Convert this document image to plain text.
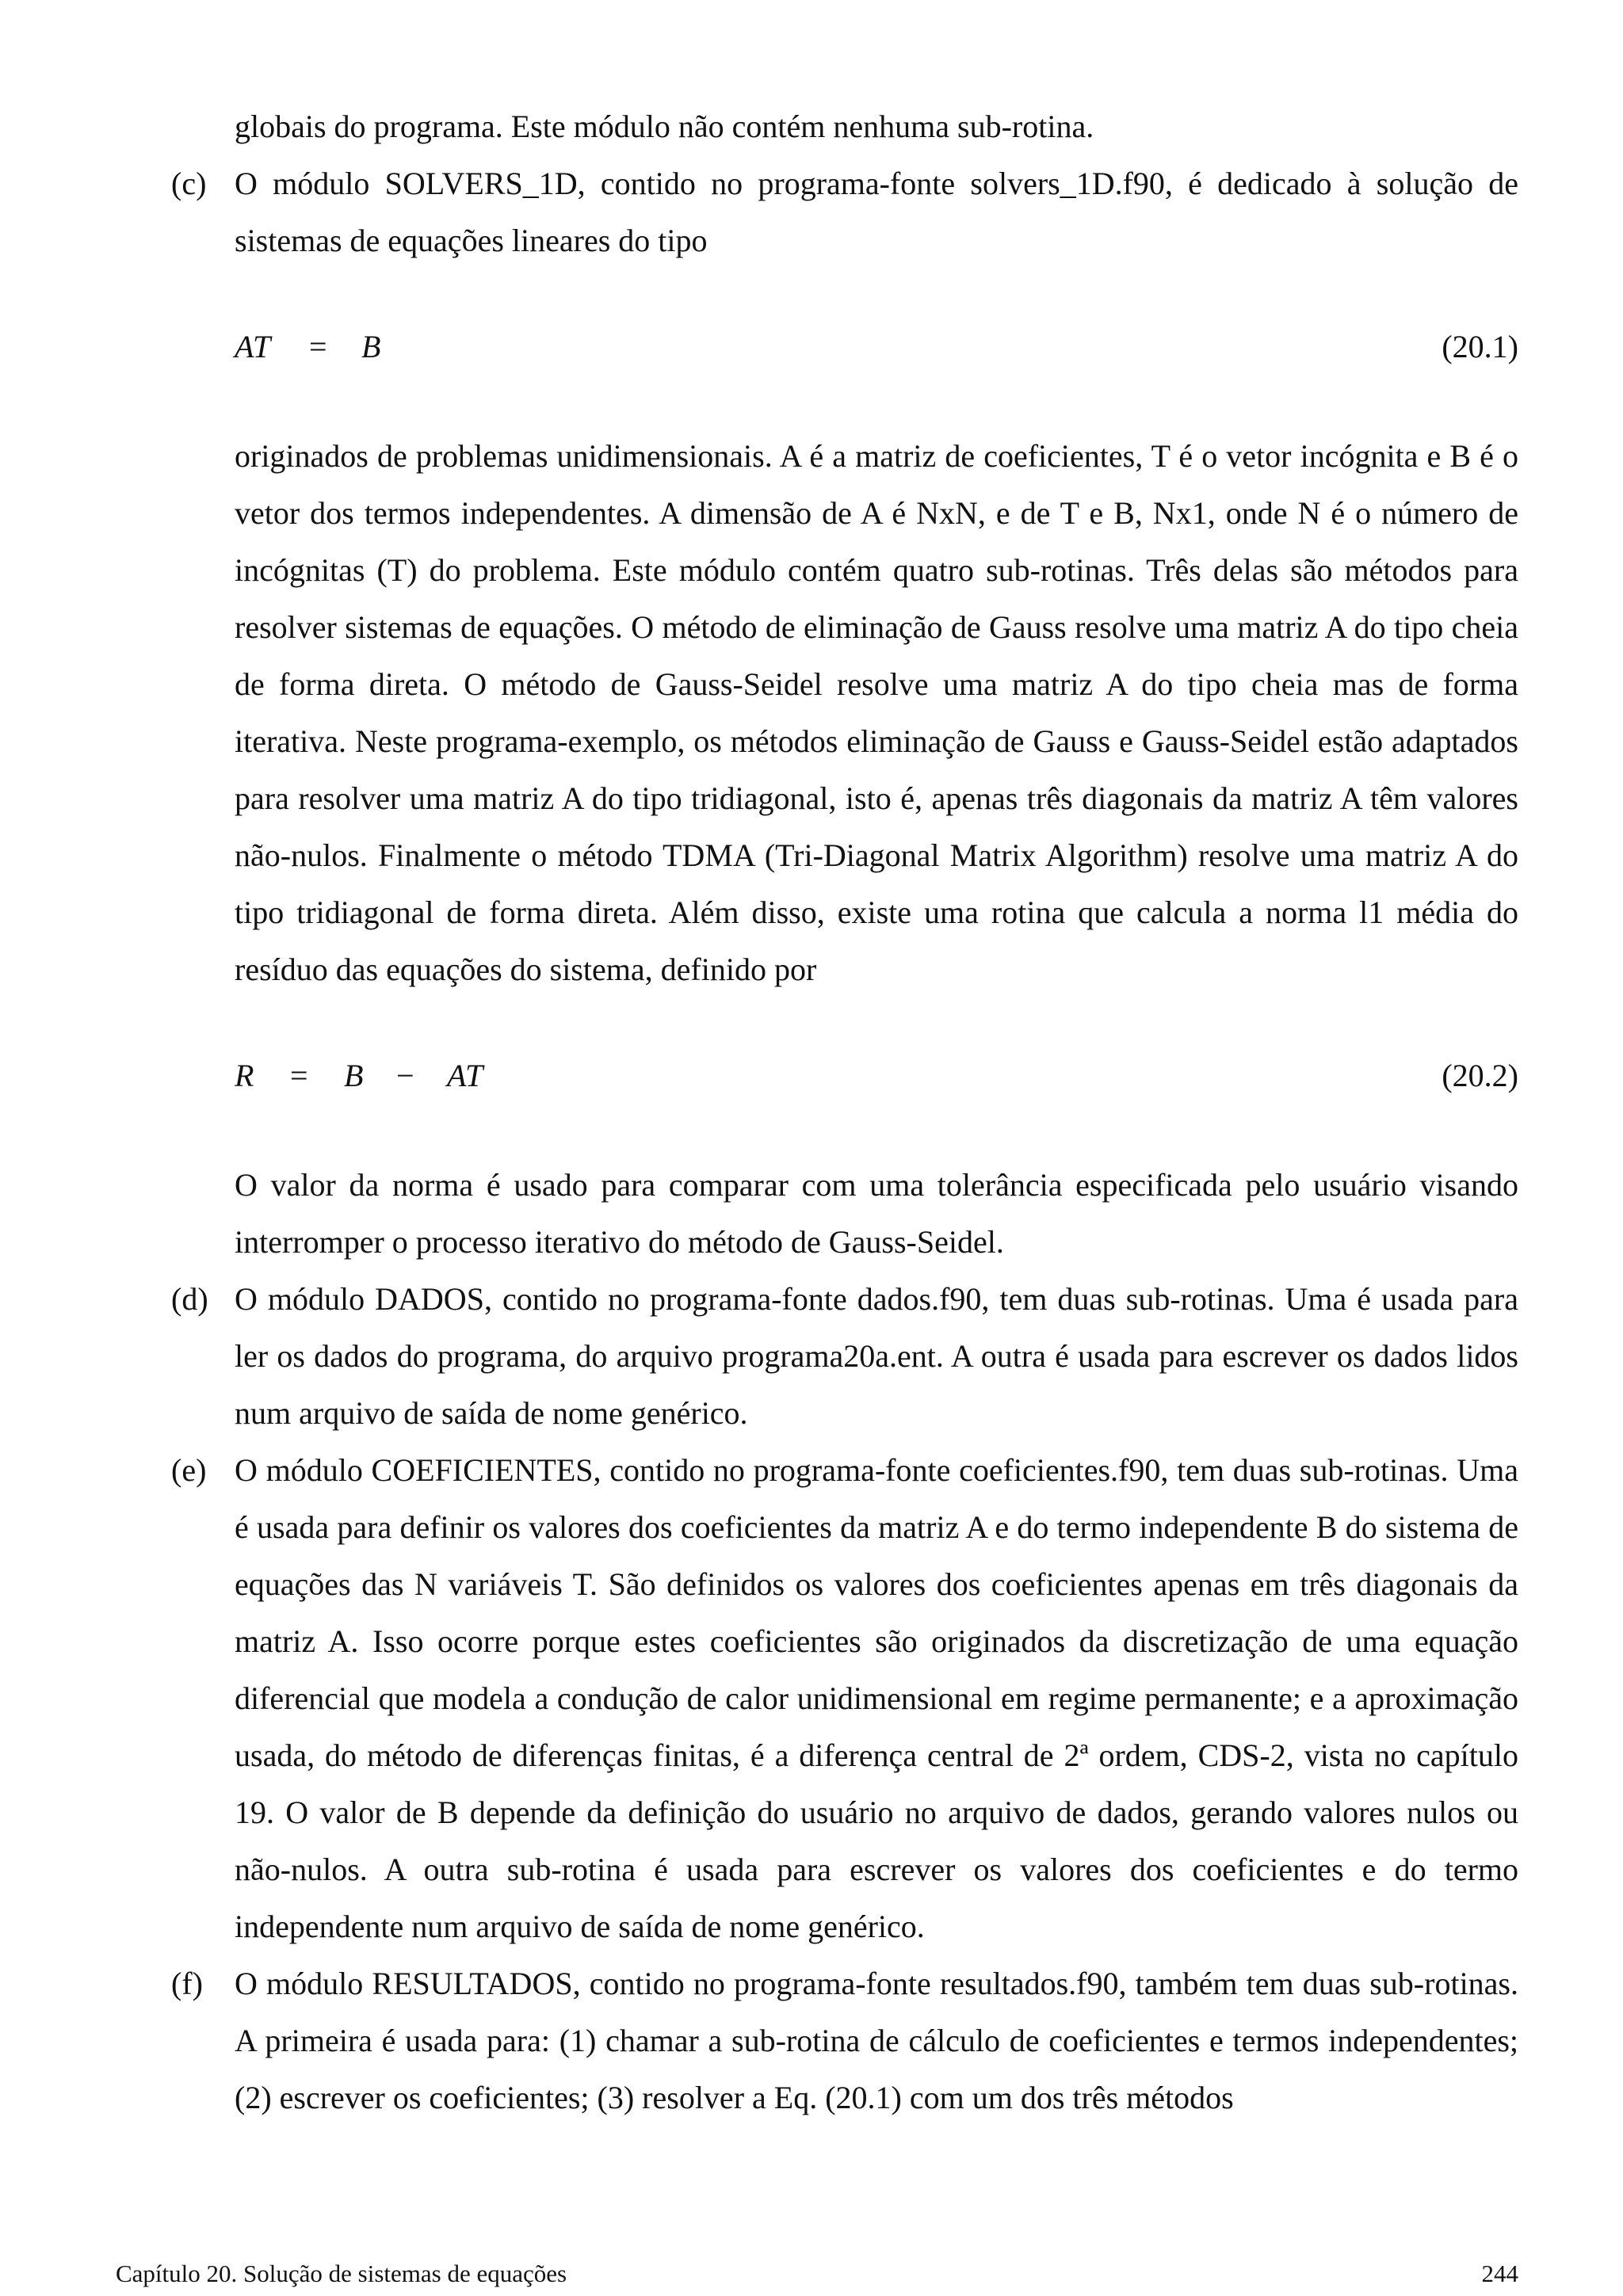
globais do programa. Este módulo não contém nenhuma sub-rotina.

(c) O módulo SOLVERS_1D, contido no programa-fonte solvers_1D.f90, é dedicado à solução de sistemas de equações lineares do tipo
AT = B	(20.1)

originados de problemas unidimensionais. A é a matriz de coeficientes, T é o vetor incógnita e B é o vetor dos termos independentes. A dimensão de A é NxN, e de T e B, Nx1, onde N é o número de incógnitas (T) do problema. Este módulo contém quatro sub-rotinas. Três delas são métodos para resolver sistemas de equações. O método de eliminação de Gauss resolve uma matriz A do tipo cheia de forma direta. O método de Gauss-Seidel resolve uma matriz A do tipo cheia mas de forma iterativa. Neste programa-exemplo, os métodos eliminação de Gauss e Gauss-Seidel estão adaptados para resolver uma matriz A do tipo tridiagonal, isto é, apenas três diagonais da matriz A têm valores não-nulos. Finalmente o método TDMA (Tri-Diagonal Matrix Algorithm) resolve uma matriz A do tipo tridiagonal de forma direta. Além disso, existe uma rotina que calcula a norma l1 média do resíduo das equações do sistema, definido por

R = B − AT	(20.2)

O valor da norma é usado para comparar com uma tolerância especificada pelo usuário visando interromper o processo iterativo do método de Gauss-Seidel.

(d) O módulo DADOS, contido no programa-fonte dados.f90, tem duas sub-rotinas. Uma é usada para ler os dados do programa, do arquivo programa20a.ent. A outra é usada para escrever os dados lidos num arquivo de saída de nome genérico.
(e) O módulo COEFICIENTES, contido no programa-fonte coeficientes.f90, tem duas sub-rotinas. Uma é usada para definir os valores dos coeficientes da matriz A e do termo independente B do sistema de equações das N variáveis T. São definidos os valores dos coeficientes apenas em três diagonais da matriz A. Isso ocorre porque estes coeficientes são originados da discretização de uma equação diferencial que modela a condução de calor unidimensional em regime permanente; e a aproximação usada, do método de diferenças finitas, é a diferença central de 2ª ordem, CDS-2, vista no capítulo 19. O valor de B depende da definição do usuário no arquivo de dados, gerando valores nulos ou não-nulos. A outra sub-rotina é usada para escrever os valores dos coeficientes e do termo independente num arquivo de saída de nome genérico.
(f) O módulo RESULTADOS, contido no programa-fonte resultados.f90, também tem duas sub-rotinas. A primeira é usada para: (1) chamar a sub-rotina de cálculo de coeficientes e termos independentes; (2) escrever os coeficientes; (3) resolver a Eq. (20.1) com um dos três métodos
Capítulo 20. Solução de sistemas de equações	244
